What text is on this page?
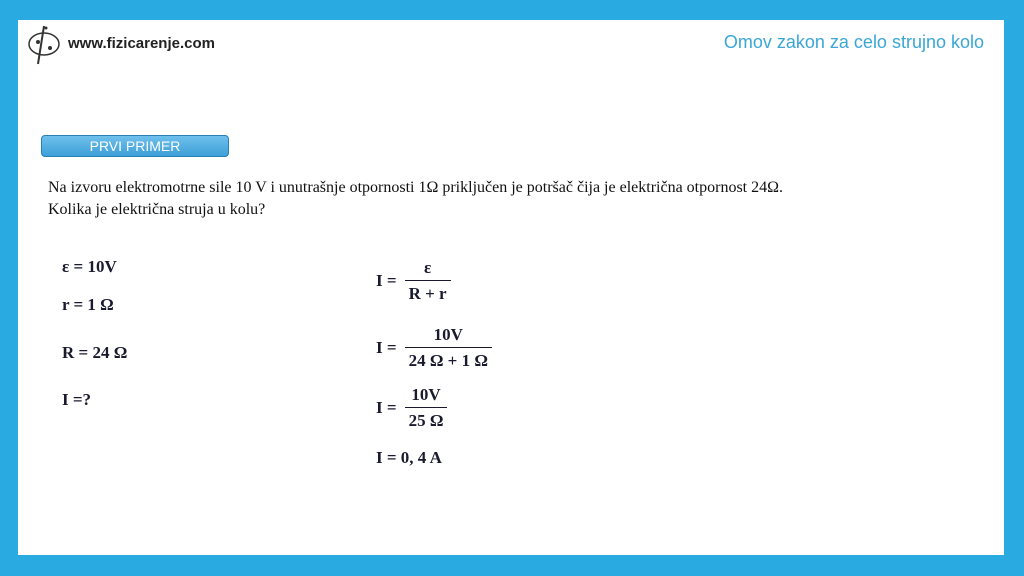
www.fizicarenje.com	Omov zakon za celo strujno kolo
PRVI PRIMER

Na izvoru elektromotrne sile 10 V i unutrašnje otpornosti 1Ω priključen je potršač čija je električna otpornost 24Ω.

Kolika je električna struja u kolu?

ε = 10V
r = 1 Ω
R = 24 Ω
I =?
$I = \frac{\varepsilon}{R + r}$
$I = \frac{10V}{24 \Omega + 1 \Omega}$
$I = \frac{10V}{25 \Omega}$
I = 0, 4 A
